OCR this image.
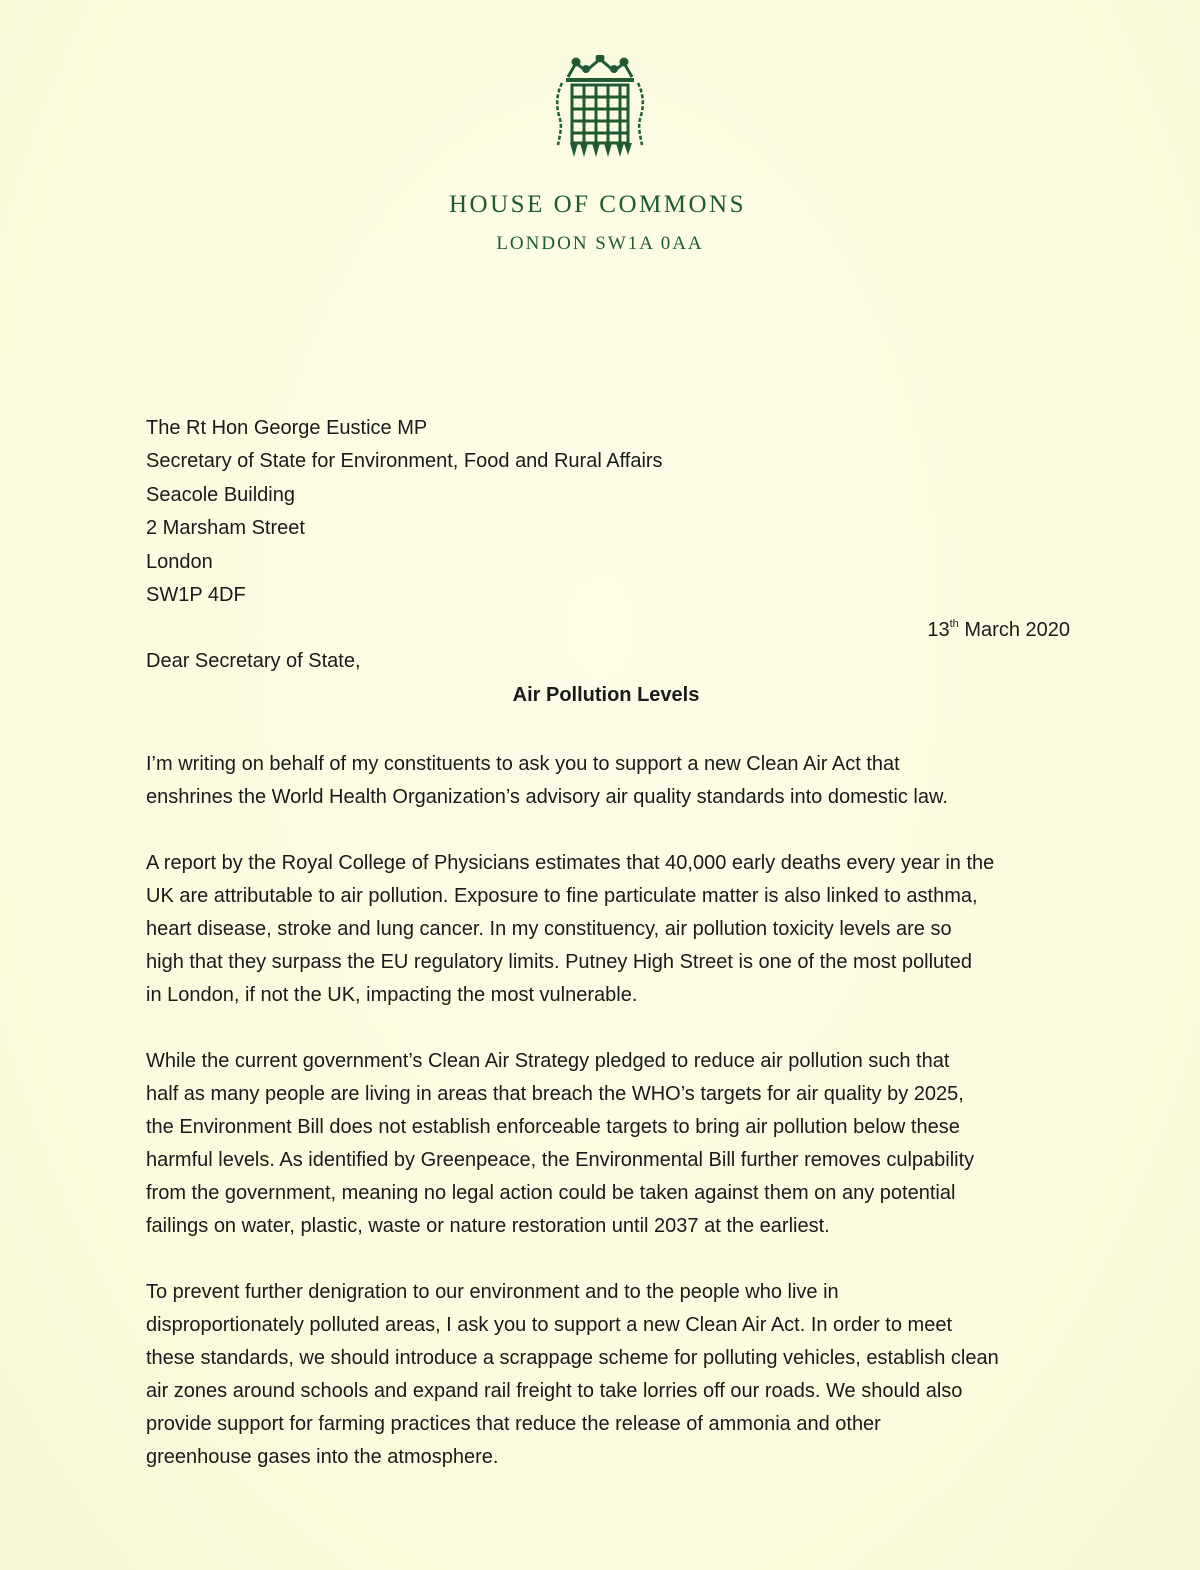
HOUSE OF COMMONS
LONDON SW1A 0AA
The Rt Hon George Eustice MP
Secretary of State for Environment, Food and Rural Affairs
Seacole Building
2 Marsham Street
London
SW1P 4DF
13th March 2020
Dear Secretary of State,
Air Pollution Levels

I’m writing on behalf of my constituents to ask you to support a new Clean Air Act that
enshrines the World Health Organization’s advisory air quality standards into domestic law.

A report by the Royal College of Physicians estimates that 40,000 early deaths every year in the
UK are attributable to air pollution. Exposure to fine particulate matter is also linked to asthma,
heart disease, stroke and lung cancer. In my constituency, air pollution toxicity levels are so
high that they surpass the EU regulatory limits. Putney High Street is one of the most polluted
in London, if not the UK, impacting the most vulnerable.

While the current government’s Clean Air Strategy pledged to reduce air pollution such that
half as many people are living in areas that breach the WHO’s targets for air quality by 2025,
the Environment Bill does not establish enforceable targets to bring air pollution below these
harmful levels. As identified by Greenpeace, the Environmental Bill further removes culpability
from the government, meaning no legal action could be taken against them on any potential
failings on water, plastic, waste or nature restoration until 2037 at the earliest.

To prevent further denigration to our environment and to the people who live in
disproportionately polluted areas, I ask you to support a new Clean Air Act. In order to meet
these standards, we should introduce a scrappage scheme for polluting vehicles, establish clean
air zones around schools and expand rail freight to take lorries off our roads. We should also
provide support for farming practices that reduce the release of ammonia and other
greenhouse gases into the atmosphere.
